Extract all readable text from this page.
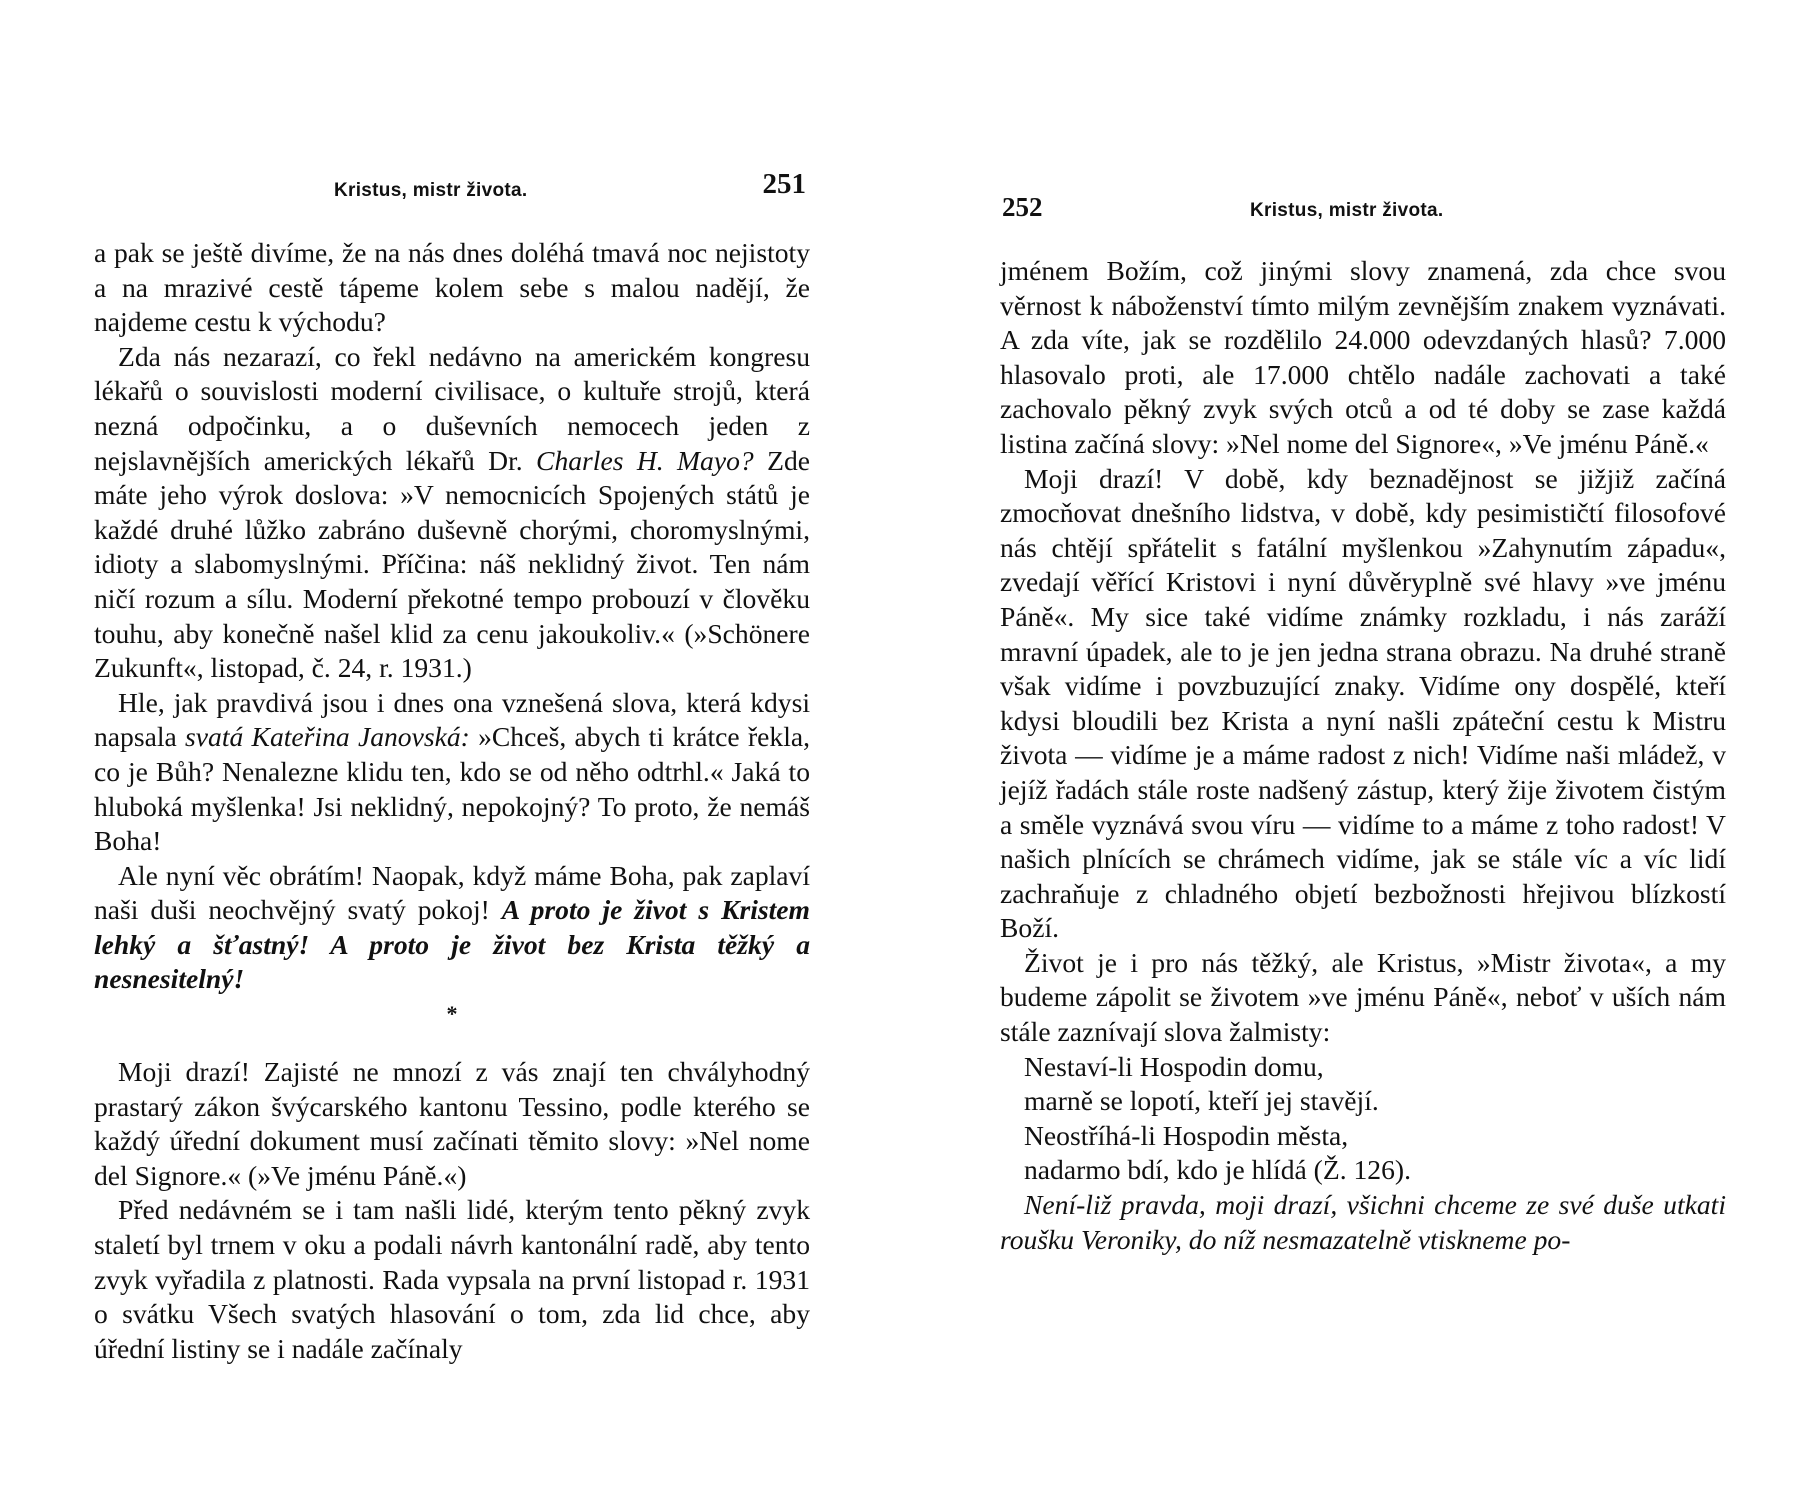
Kristus, mistr života.	251

a pak se ještě divíme, že na nás dnes doléhá tmavá noc nejistoty a na mrazivé cestě tápeme kolem sebe s malou nadějí, že najdeme cestu k východu?

Zda nás nezarazí, co řekl nedávno na americkém kongresu lékařů o souvislosti moderní civilisace, o kultuře strojů, která nezná odpočinku, a o duševních nemocech jeden z nejslavnějších amerických lékařů Dr. Charles H. Mayo? Zde máte jeho výrok doslova: »V nemocnicích Spojených států je každé druhé lůžko zabráno duševně chorými, choromyslnými, idioty a slabomyslnými. Příčina: náš neklidný život. Ten nám ničí rozum a sílu. Moderní překotné tempo probouzí v člověku touhu, aby konečně našel klid za cenu jakoukoliv.« (»Schönere Zukunft«, listopad, č. 24, r. 1931.)

Hle, jak pravdivá jsou i dnes ona vznešená slova, která kdysi napsala svatá Kateřina Janovská: »Chceš, abych ti krátce řekla, co je Bůh? Nenalezne klidu ten, kdo se od něho odtrhl.« Jaká to hluboká myšlenka! Jsi neklidný, nepokojný? To proto, že nemáš Boha!

Ale nyní věc obrátím! Naopak, když máme Boha, pak zaplaví naši duši neochvějný svatý pokoj! A proto je život s Kristem lehký a šťastný! A proto je život bez Krista těžký a nesnesitelný!

*

Moji drazí! Zajisté ne mnozí z vás znají ten chvályhodný prastarý zákon švýcarského kantonu Tessino, podle kterého se každý úřední dokument musí začínati těmito slovy: »Nel nome del Signore.« (»Ve jménu Páně.«)

Před nedávném se i tam našli lidé, kterým tento pěkný zvyk staletí byl trnem v oku a podali návrh kantonální radě, aby tento zvyk vyřadila z platnosti. Rada vypsala na první listopad r. 1931 o svátku Všech svatých hlasování o tom, zda lid chce, aby úřední listiny se i nadále začínaly

252	Kristus, mistr života.

jménem Božím, což jinými slovy znamená, zda chce svou věrnost k náboženství tímto milým zevnějším znakem vyznávati. A zda víte, jak se rozdělilo 24.000 odevzdaných hlasů? 7.000 hlasovalo proti, ale 17.000 chtělo nadále zachovati a také zachovalo pěkný zvyk svých otců a od té doby se zase každá listina začíná slovy: »Nel nome del Signore«, »Ve jménu Páně.«

Moji drazí! V době, kdy beznadějnost se jižjiž začíná zmocňovat dnešního lidstva, v době, kdy pesimističtí filosofové nás chtějí spřátelit s fatální myšlenkou »Zahynutím západu«, zvedají věřící Kristovi i nyní důvěryplně své hlavy »ve jménu Páně«. My sice také vidíme známky rozkladu, i nás zaráží mravní úpadek, ale to je jen jedna strana obrazu. Na druhé straně však vidíme i povzbuzující znaky. Vidíme ony dospělé, kteří kdysi bloudili bez Krista a nyní našli zpáteční cestu k Mistru života — vidíme je a máme radost z nich! Vidíme naši mládež, v jejíž řadách stále roste nadšený zástup, který žije životem čistým a směle vyznává svou víru — vidíme to a máme z toho radost! V našich plnících se chrámech vidíme, jak se stále víc a víc lidí zachraňuje z chladného objetí bezbožnosti hřejivou blízkostí Boží.

Život je i pro nás těžký, ale Kristus, »Mistr života«, a my budeme zápolit se životem »ve jménu Páně«, neboť v uších nám stále zaznívají slova žalmisty:

Nestaví-li Hospodin domu,

marně se lopotí, kteří jej stavějí.

Neostříhá-li Hospodin města,

nadarmo bdí, kdo je hlídá (Ž. 126).

Není-liž pravda, moji drazí, všichni chceme ze své duše utkati roušku Veroniky, do níž nesmazatelně vtiskneme po-
